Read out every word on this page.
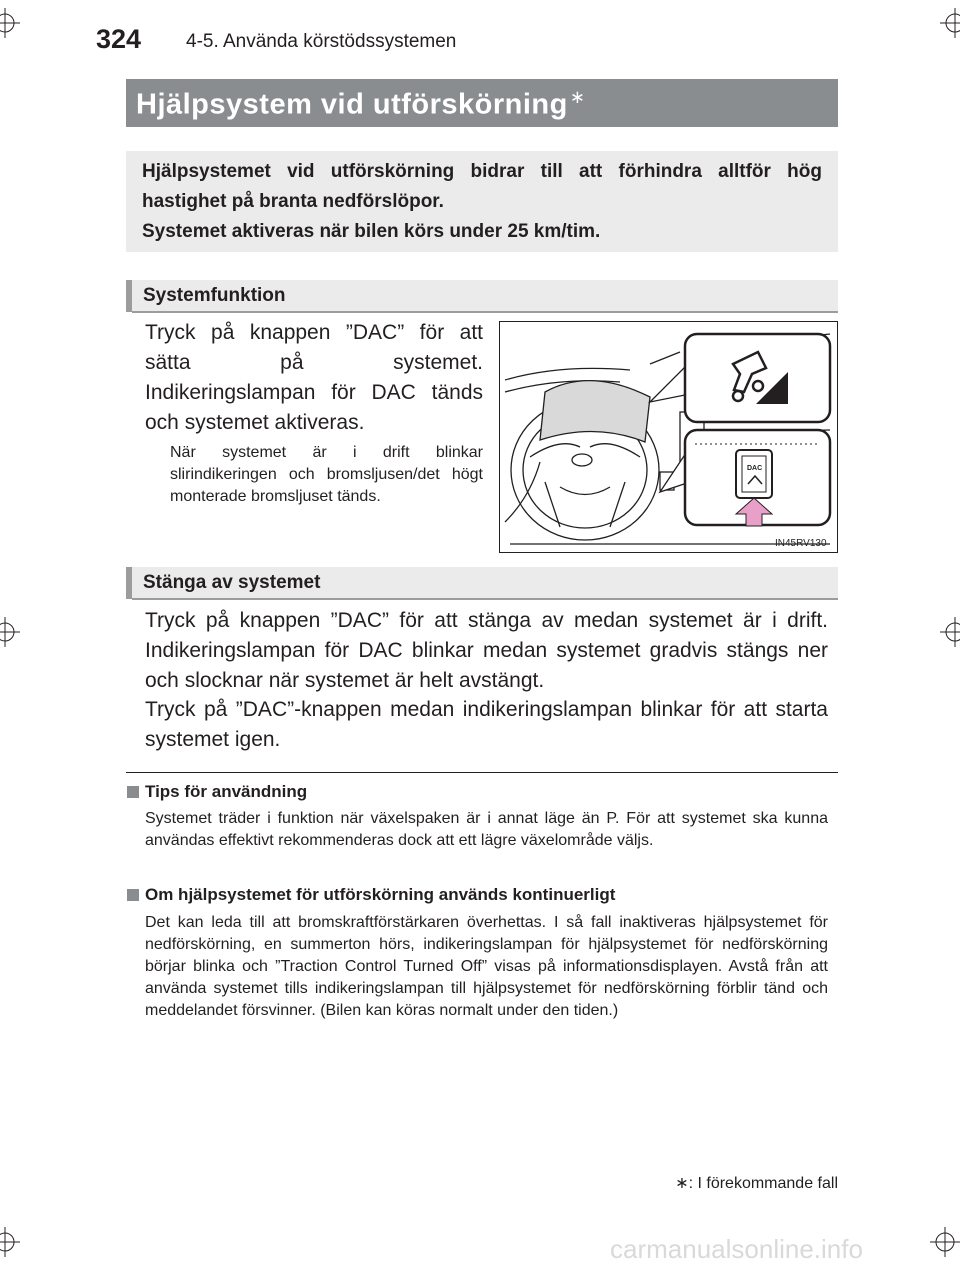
324 4-5. Använda körstödssystemen
Hjälpsystem vid utförskörning ∗

Hjälpsystemet vid utförskörning bidrar till att förhindra alltför hög hastighet på branta nedförslöpor.

Systemet aktiveras när bilen körs under 25 km/tim.

Systemfunktion

Tryck på knappen ”DAC” för att sätta på systemet. Indikeringslampan för DAC tänds och systemet aktiveras.

När systemet är i drift blinkar slirindikeringen och bromsljusen/det högt monterade bromsljuset tänds.

DAC
IN45RV130
Stänga av systemet

Tryck på knappen ”DAC” för att stänga av medan systemet är i drift. Indikeringslampan för DAC blinkar medan systemet gradvis stängs ner och slocknar när systemet är helt avstängt.

Tryck på ”DAC”-knappen medan indikeringslampan blinkar för att starta systemet igen.

Tips för användning

Systemet träder i funktion när växelspaken är i annat läge än P. För att systemet ska kunna användas effektivt rekommenderas dock att ett lägre växelområde väljs.

Om hjälpsystemet för utförskörning används kontinuerligt

Det kan leda till att bromskraftförstärkaren överhettas. I så fall inaktiveras hjälpsystemet för nedförskörning, en summerton hörs, indikeringslampan för hjälpsystemet för nedförskörning börjar blinka och ”Traction Control Turned Off” visas på informationsdisplayen. Avstå från att använda systemet tills indikeringslampan till hjälpsystemet för nedförskörning förblir tänd och meddelandet försvinner. (Bilen kan köras normalt under den tiden.)

∗: I förekommande fall
carmanualsonline.info
